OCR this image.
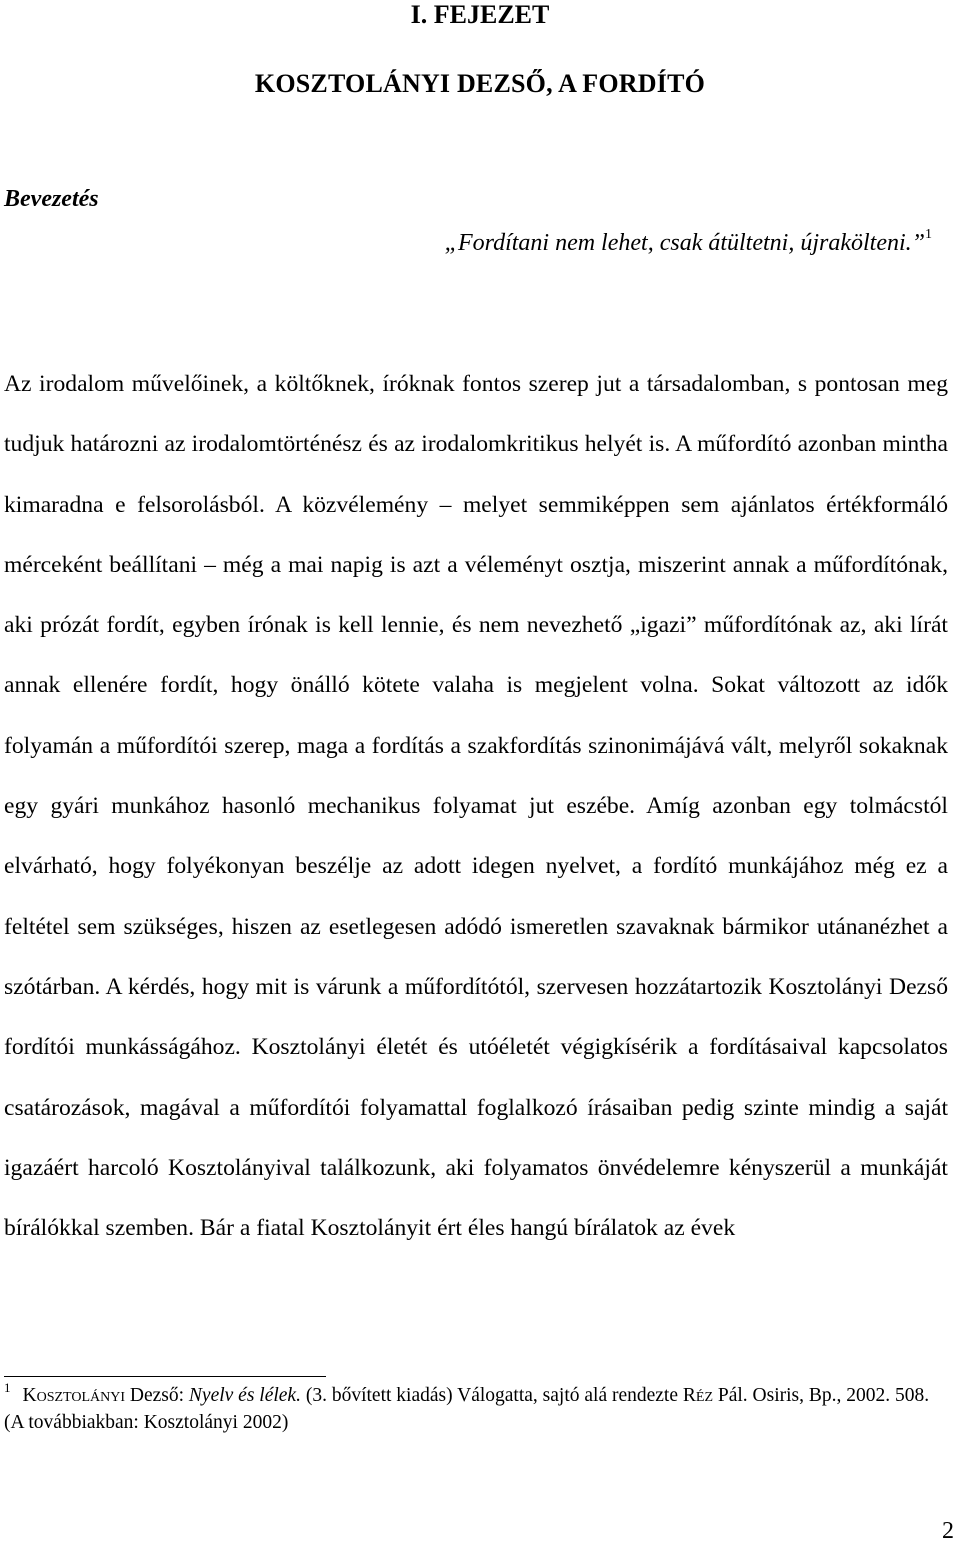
I. FEJEZET
KOSZTOLÁNYI DEZSŐ, A FORDÍTÓ
Bevezetés

„Fordítani nem lehet, csak átültetni, újrakölteni.”$^1$

Az irodalom művelőinek, a költőknek, íróknak fontos szerep jut a társadalomban, s pontosan meg tudjuk határozni az irodalomtörténész és az irodalomkritikus helyét is. A műfordító azonban mintha kimaradna e felsorolásból. A közvélemény – melyet semmiképpen sem ajánlatos értékformáló mérceként beállítani – még a mai napig is azt a véleményt osztja, miszerint annak a műfordítónak, aki prózát fordít, egyben írónak is kell lennie, és nem nevezhető „igazi” műfordítónak az, aki lírát annak ellenére fordít, hogy önálló kötete valaha is megjelent volna. Sokat változott az idők folyamán a műfordítói szerep, maga a fordítás a szakfordítás szinonimájává vált, melyről sokaknak egy gyári munkához hasonló mechanikus folyamat jut eszébe. Amíg azonban egy tolmácstól elvárható, hogy folyékonyan beszélje az adott idegen nyelvet, a fordító munkájához még ez a feltétel sem szükséges, hiszen az esetlegesen adódó ismeretlen szavaknak bármikor utánanézhet a szótárban. A kérdés, hogy mit is várunk a műfordítótól, szervesen hozzátartozik Kosztolányi Dezső fordítói munkásságához. Kosztolányi életét és utóéletét végigkísérik a fordításaival kapcsolatos csatározások, magával a műfordítói folyamattal foglalkozó írásaiban pedig szinte mindig a saját igazáért harcoló Kosztolányival találkozunk, aki folyamatos önvédelemre kényszerül a munkáját bírálókkal szemben. Bár a fiatal Kosztolányit ért éles hangú bírálatok az évek

$^1$ Kosztolányi Dezső: Nyelv és lélek. (3. bővített kiadás) Válogatta, sajtó alá rendezte Réz Pál. Osiris, Bp., 2002. 508. (A továbbiakban: Kosztolányi 2002)

2
